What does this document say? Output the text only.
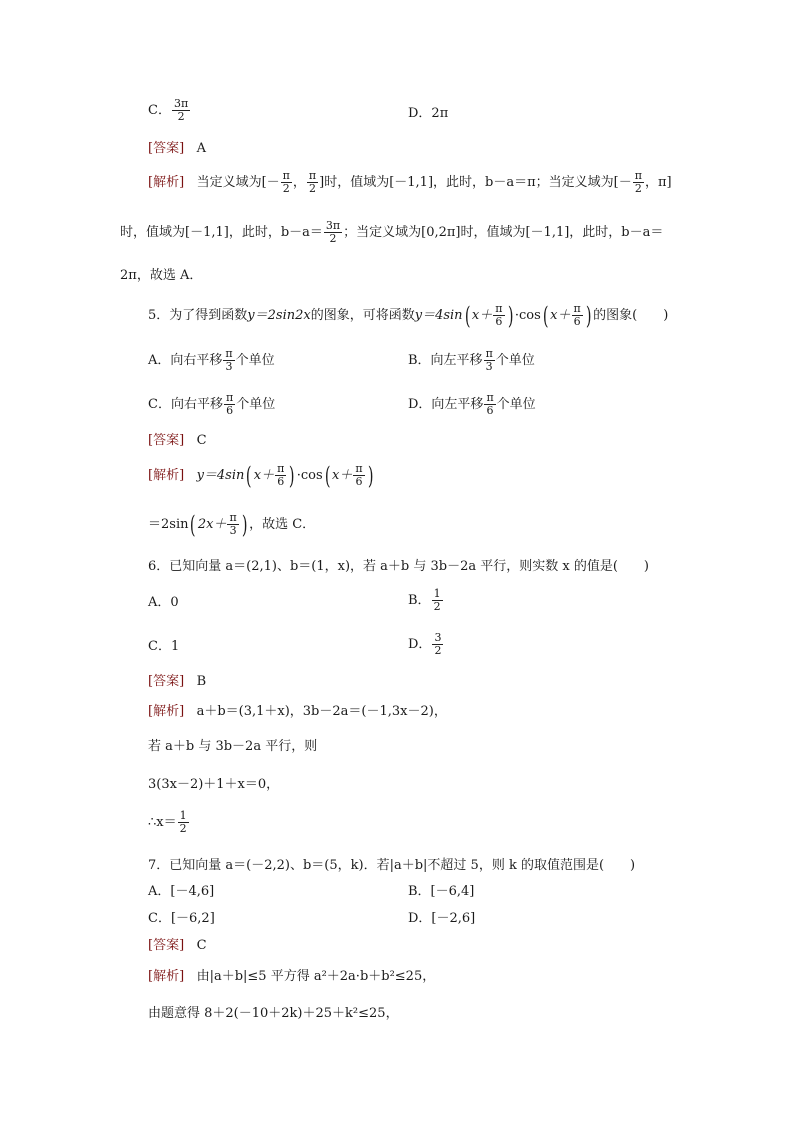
C． $\frac{3\pi}{2}$	D．2π
[答案] A
[解析] 当定义域为[－ $\frac{\pi}{2}$ ， $\frac{\pi}{2}$ ]时，值域为[－1,1]，此时，b－a＝π；当定义域为[－ $\frac{\pi}{2}$ ，π]
时，值域为[－1,1]，此时，$b-a= \frac{3\pi}{2}$ ；当定义域为[0,2π]时，值域为[－1,1]，此时，b－a＝
2π，故选 A．
5．为了得到函数y＝2sin2x的图象，可将函数y＝4sin( $x+ \frac{\pi}{6}$ ) ·cos( $x+ \frac{\pi}{6}$ ) 的图象(　　)
A．向右平移 $\frac{\pi}{3}$ 个单位	B．向左平移 $\frac{\pi}{3}$ 个单位
C．向右平移 $\frac{\pi}{6}$ 个单位	D．向左平移 $\frac{\pi}{6}$ 个单位
[答案] C
[解析] y＝4sin( $x+ \frac{\pi}{6}$ ) ·cos( $x+ \frac{\pi}{6}$ )
＝2sin( $2x+ \frac{\pi}{3}$ ) ，故选 C．
6．已知向量 a＝(2,1)、b＝(1，x)，若 a＋b 与 3b－2a 平行，则实数 x 的值是(　　)
A．0	B． $\frac{1}{2}$
C．1	D． $\frac{3}{2}$
[答案] B
[解析] a＋b＝(3,1＋x)，3b－2a＝(－1,3x－2)，
若 a＋b 与 3b－2a 平行，则
3(3x－2)＋1＋x＝0，
∴x＝ $\frac{1}{2}$
7．已知向量 a＝(－2,2)、b＝(5，k)．若|a＋b|不超过 5，则 k 的取值范围是(　　)
A．[－4,6]	B．[－6,4]
C．[－6,2]	D．[－2,6]
[答案] C
[解析] 由|a＋b|≤5 平方得 a²＋2a·b＋b²≤25，
由题意得 8＋2(－10＋2k)＋25＋k²≤25，
